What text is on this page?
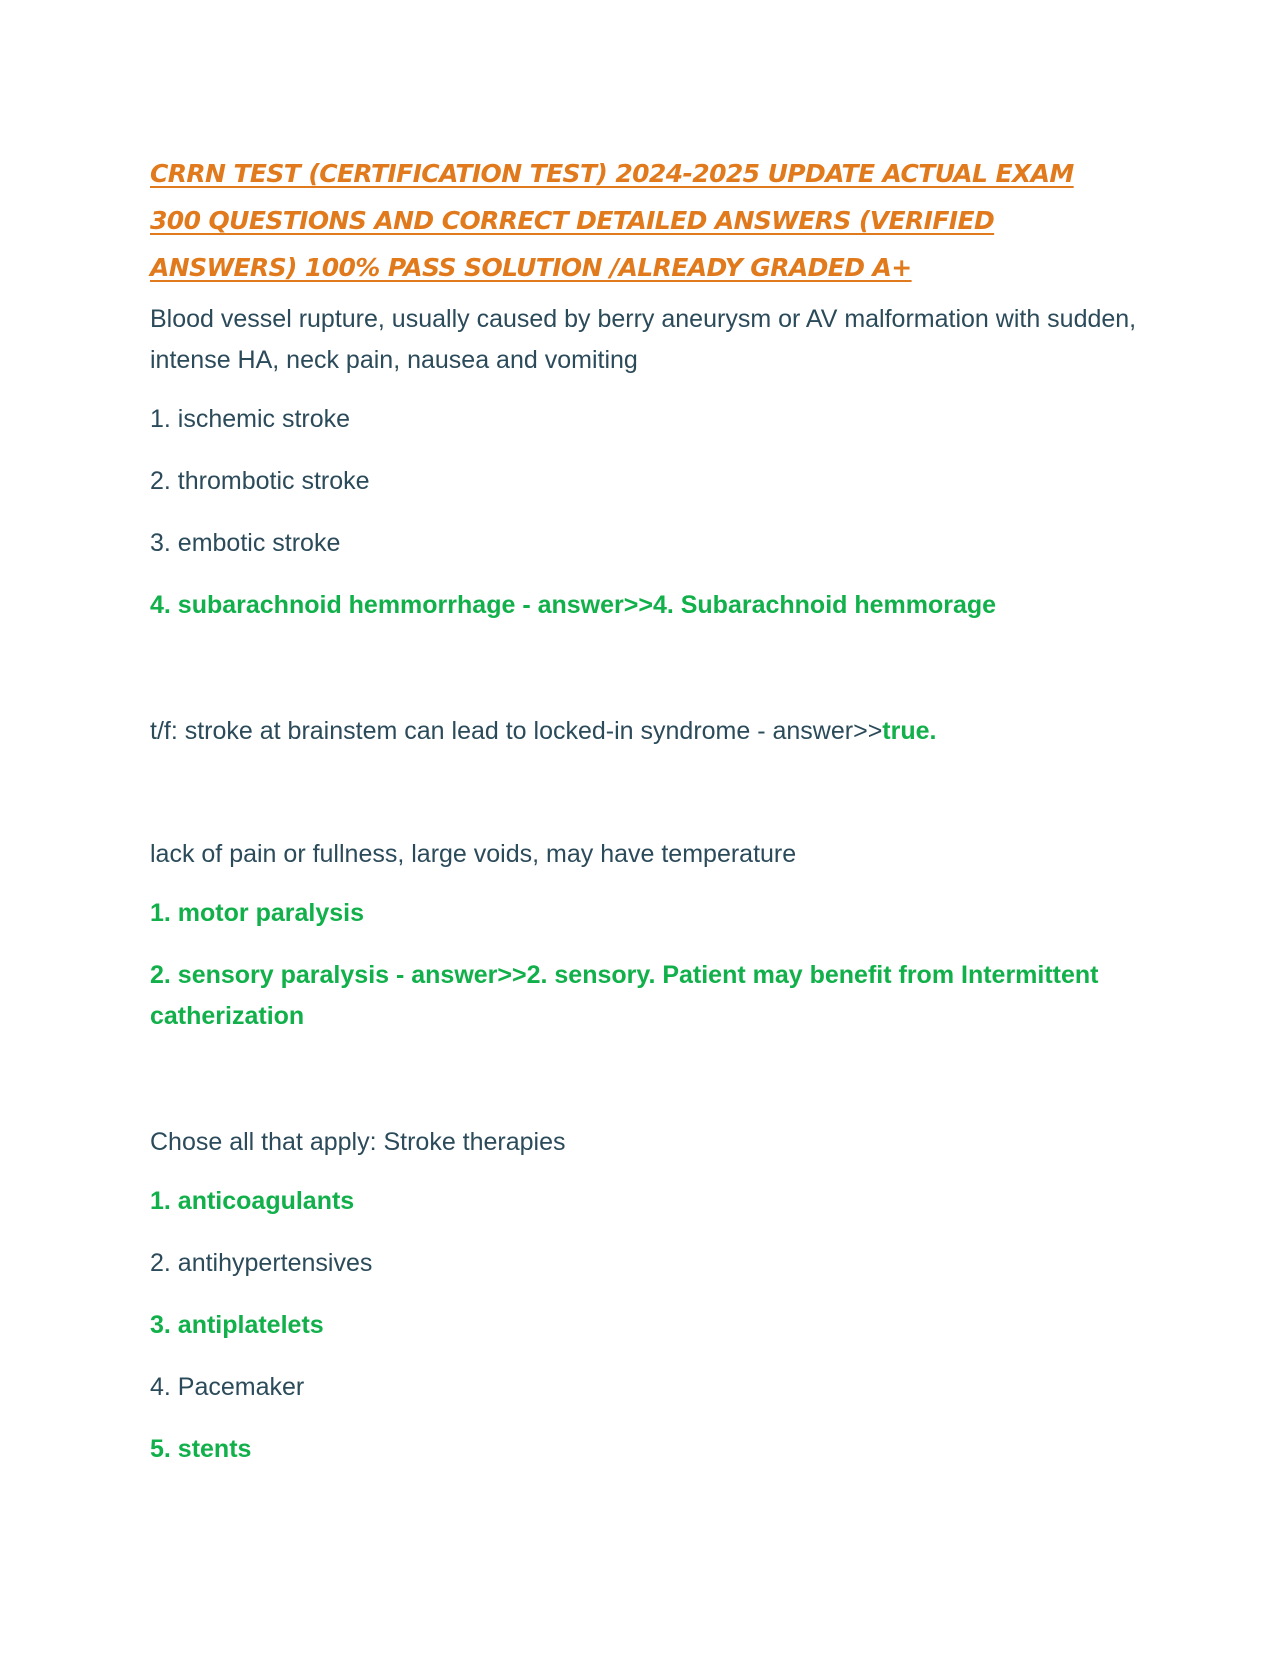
CRRN TEST (CERTIFICATION TEST) 2024-2025 UPDATE ACTUAL EXAM
300 QUESTIONS AND CORRECT DETAILED ANSWERS (VERIFIED
ANSWERS) 100% PASS SOLUTION /ALREADY GRADED A+
Blood vessel rupture, usually caused by berry aneurysm or AV malformation with sudden, intense HA, neck pain, nausea and vomiting
1. ischemic stroke
2. thrombotic stroke
3. embotic stroke
4. subarachnoid hemmorrhage - answer>>4. Subarachnoid hemmorage
t/f: stroke at brainstem can lead to locked-in syndrome - answer>>true.
lack of pain or fullness, large voids, may have temperature
1. motor paralysis
2. sensory paralysis - answer>>2. sensory. Patient may benefit from Intermittent catherization
Chose all that apply: Stroke therapies
1. anticoagulants
2. antihypertensives
3. antiplatelets
4. Pacemaker
5. stents
